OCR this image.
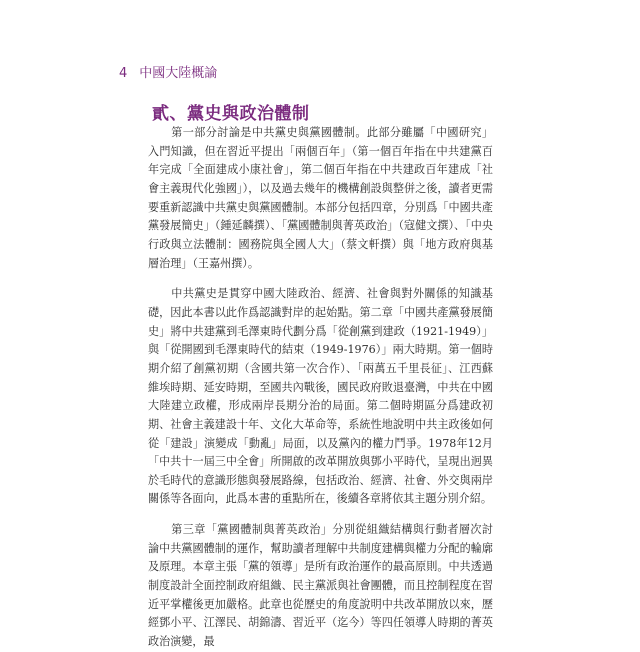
4 中國大陸概論
貳、黨史與政治體制

第一部分討論是中共黨史與黨國體制。此部分雖屬「中國研究」入門知識，但在習近平提出「兩個百年」（第一個百年指在中共建黨百年完成「全面建成小康社會」，第二個百年指在中共建政百年建成「社會主義現代化強國」），以及過去幾年的機構創設與整併之後，讀者更需要重新認識中共黨史與黨國體制。本部分包括四章，分別爲「中國共產黨發展簡史」（鍾延麟撰）、「黨國體制與菁英政治」（寇健文撰）、「中央行政與立法體制：國務院與全國人大」（蔡文軒撰）與「地方政府與基層治理」（王嘉州撰）。

中共黨史是貫穿中國大陸政治、經濟、社會與對外關係的知識基礎，因此本書以此作爲認識對岸的起始點。第二章「中國共產黨發展簡史」將中共建黨到毛澤東時代劃分爲「從創黨到建政（1921-1949）」與「從開國到毛澤東時代的結束（1949-1976）」兩大時期。第一個時期介紹了創黨初期（含國共第一次合作）、「兩萬五千里長征」、江西蘇維埃時期、延安時期，至國共內戰後，國民政府敗退臺灣，中共在中國大陸建立政權，形成兩岸長期分治的局面。第二個時期區分爲建政初期、社會主義建設十年、文化大革命等，系統性地說明中共主政後如何從「建設」演變成「動亂」局面，以及黨內的權力鬥爭。1978年12月「中共十一屆三中全會」所開啟的改革開放與鄧小平時代，呈現出迥異於毛時代的意識形態與發展路線，包括政治、經濟、社會、外交與兩岸關係等各面向，此爲本書的重點所在，後續各章將依其主題分別介紹。

第三章「黨國體制與菁英政治」分別從組織結構與行動者層次討論中共黨國體制的運作，幫助讀者理解中共制度建構與權力分配的輪廓及原理。本章主張「黨的領導」是所有政治運作的最高原則。中共透過制度設計全面控制政府組織、民主黨派與社會團體，而且控制程度在習近平掌權後更加嚴格。此章也從歷史的角度說明中共改革開放以來，歷經鄧小平、江澤民、胡錦濤、習近平（迄今）等四任領導人時期的菁英政治演變，最
